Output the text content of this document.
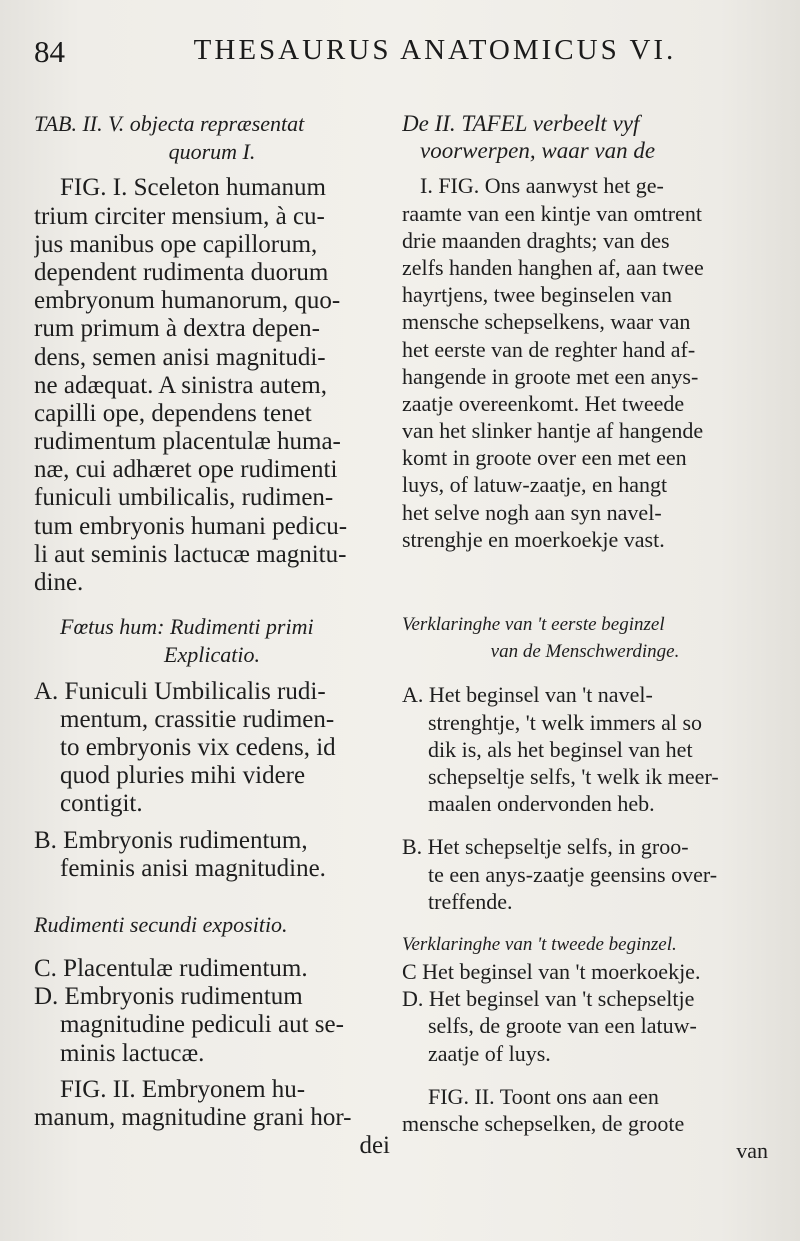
84	THESAURUS ANATOMICUS VI.
TAB. II. V. objecta repræsentat
quorum I.
FIG. I. Sceleton humanum
trium circiter mensium, à cu-
jus manibus ope capillorum,
dependent rudimenta duorum
embryonum humanorum, quo-
rum primum à dextra depen-
dens, semen anisi magnitudi-
ne adæquat. A sinistra autem,
capilli ope, dependens tenet
rudimentum placentulæ huma-
næ, cui adhæret ope rudimenti
funiculi umbilicalis, rudimen-
tum embryonis humani pedicu-
li aut seminis lactucæ magnitu-
dine.
Fœtus hum: Rudimenti primi
Explicatio.
A. Funiculi Umbilicalis rudi-
mentum, crassitie rudimen-
to embryonis vix cedens, id
quod pluries mihi videre
contigit.
B. Embryonis rudimentum,
feminis anisi magnitudine.
Rudimenti secundi expositio.
C. Placentulæ rudimentum.
D. Embryonis rudimentum
magnitudine pediculi aut se-
minis lactucæ.
FIG. II. Embryonem hu-
manum, magnitudine grani hor-
dei
De II. TAFEL verbeelt vyf
voorwerpen, waar van de
I. FIG. Ons aanwyst het ge-
raamte van een kintje van omtrent
drie maanden draghts; van des
zelfs handen hanghen af, aan twee
hayrtjens, twee beginselen van
mensche schepselkens, waar van
het eerste van de reghter hand af-
hangende in groote met een anys-
zaatje overeenkomt. Het tweede
van het slinker hantje af hangende
komt in groote over een met een
luys, of latuw-zaatje, en hangt
het selve nogh aan syn navel-
strenghje en moerkoekje vast.
Verklaringhe van 't eerste beginzel
van de Menschwerdinge.
A. Het beginsel van 't navel-
strenghtje, 't welk immers al so
dik is, als het beginsel van het
schepseltje selfs, 't welk ik meer-
maalen ondervonden heb.
B. Het schepseltje selfs, in groo-
te een anys-zaatje geensins over-
treffende.
Verklaringhe van 't tweede beginzel.
C Het beginsel van 't moerkoekje.
D. Het beginsel van 't schepseltje
selfs, de groote van een latuw-
zaatje of luys.
FIG. II. Toont ons aan een
mensche schepselken, de groote
van
